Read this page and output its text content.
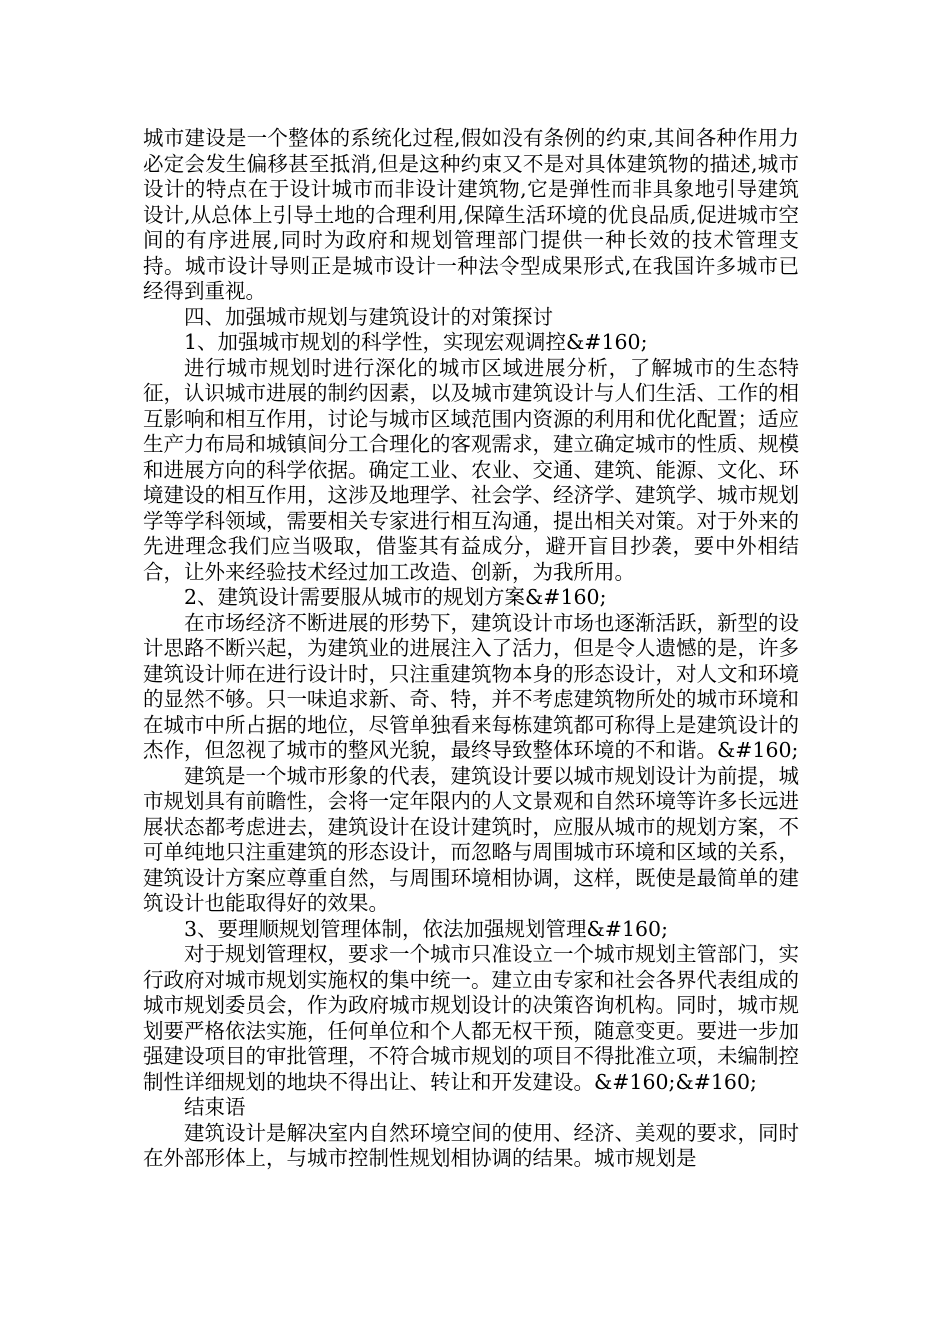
城市建设是一个整体的系统化过程,假如没有条例的约束,其间各种作用力必定会发生偏移甚至抵消,但是这种约束又不是对具体建筑物的描述,城市设计的特点在于设计城市而非设计建筑物,它是弹性而非具象地引导建筑设计,从总体上引导土地的合理利用,保障生活环境的优良品质,促进城市空间的有序进展,同时为政府和规划管理部门提供一种长效的技术管理支持。城市设计导则正是城市设计一种法令型成果形式,在我国许多城市已经得到重视。

四、加强城市规划与建筑设计的对策探讨

1、加强城市规划的科学性，实现宏观调控&#160;

进行城市规划时进行深化的城市区域进展分析，了解城市的生态特征，认识城市进展的制约因素，以及城市建筑设计与人们生活、工作的相互影响和相互作用，讨论与城市区域范围内资源的利用和优化配置；适应生产力布局和城镇间分工合理化的客观需求，建立确定城市的性质、规模和进展方向的科学依据。确定工业、农业、交通、建筑、能源、文化、环境建设的相互作用，这涉及地理学、社会学、经济学、建筑学、城市规划学等学科领域，需要相关专家进行相互沟通，提出相关对策。对于外来的先进理念我们应当吸取，借鉴其有益成分，避开盲目抄袭，要中外相结合，让外来经验技术经过加工改造、创新，为我所用。

2、建筑设计需要服从城市的规划方案&#160;

在市场经济不断进展的形势下，建筑设计市场也逐渐活跃，新型的设计思路不断兴起，为建筑业的进展注入了活力，但是令人遗憾的是，许多建筑设计师在进行设计时，只注重建筑物本身的形态设计，对人文和环境的显然不够。只一味追求新、奇、特，并不考虑建筑物所处的城市环境和在城市中所占据的地位，尽管单独看来每栋建筑都可称得上是建筑设计的杰作，但忽视了城市的整风光貌，最终导致整体环境的不和谐。&#160;

建筑是一个城市形象的代表，建筑设计要以城市规划设计为前提，城市规划具有前瞻性，会将一定年限内的人文景观和自然环境等许多长远进展状态都考虑进去，建筑设计在设计建筑时，应服从城市的规划方案，不可单纯地只注重建筑的形态设计，而忽略与周围城市环境和区域的关系，建筑设计方案应尊重自然，与周围环境相协调，这样，既使是最简单的建筑设计也能取得好的效果。

3、要理顺规划管理体制，依法加强规划管理&#160;

对于规划管理权，要求一个城市只准设立一个城市规划主管部门，实行政府对城市规划实施权的集中统一。建立由专家和社会各界代表组成的城市规划委员会，作为政府城市规划设计的决策咨询机构。同时，城市规划要严格依法实施，任何单位和个人都无权干预，随意变更。要进一步加强建设项目的审批管理，不符合城市规划的项目不得批准立项，未编制控制性详细规划的地块不得出让、转让和开发建设。&#160;&#160;

结束语

建筑设计是解决室内自然环境空间的使用、经济、美观的要求，同时在外部形体上，与城市控制性规划相协调的结果。城市规划是
